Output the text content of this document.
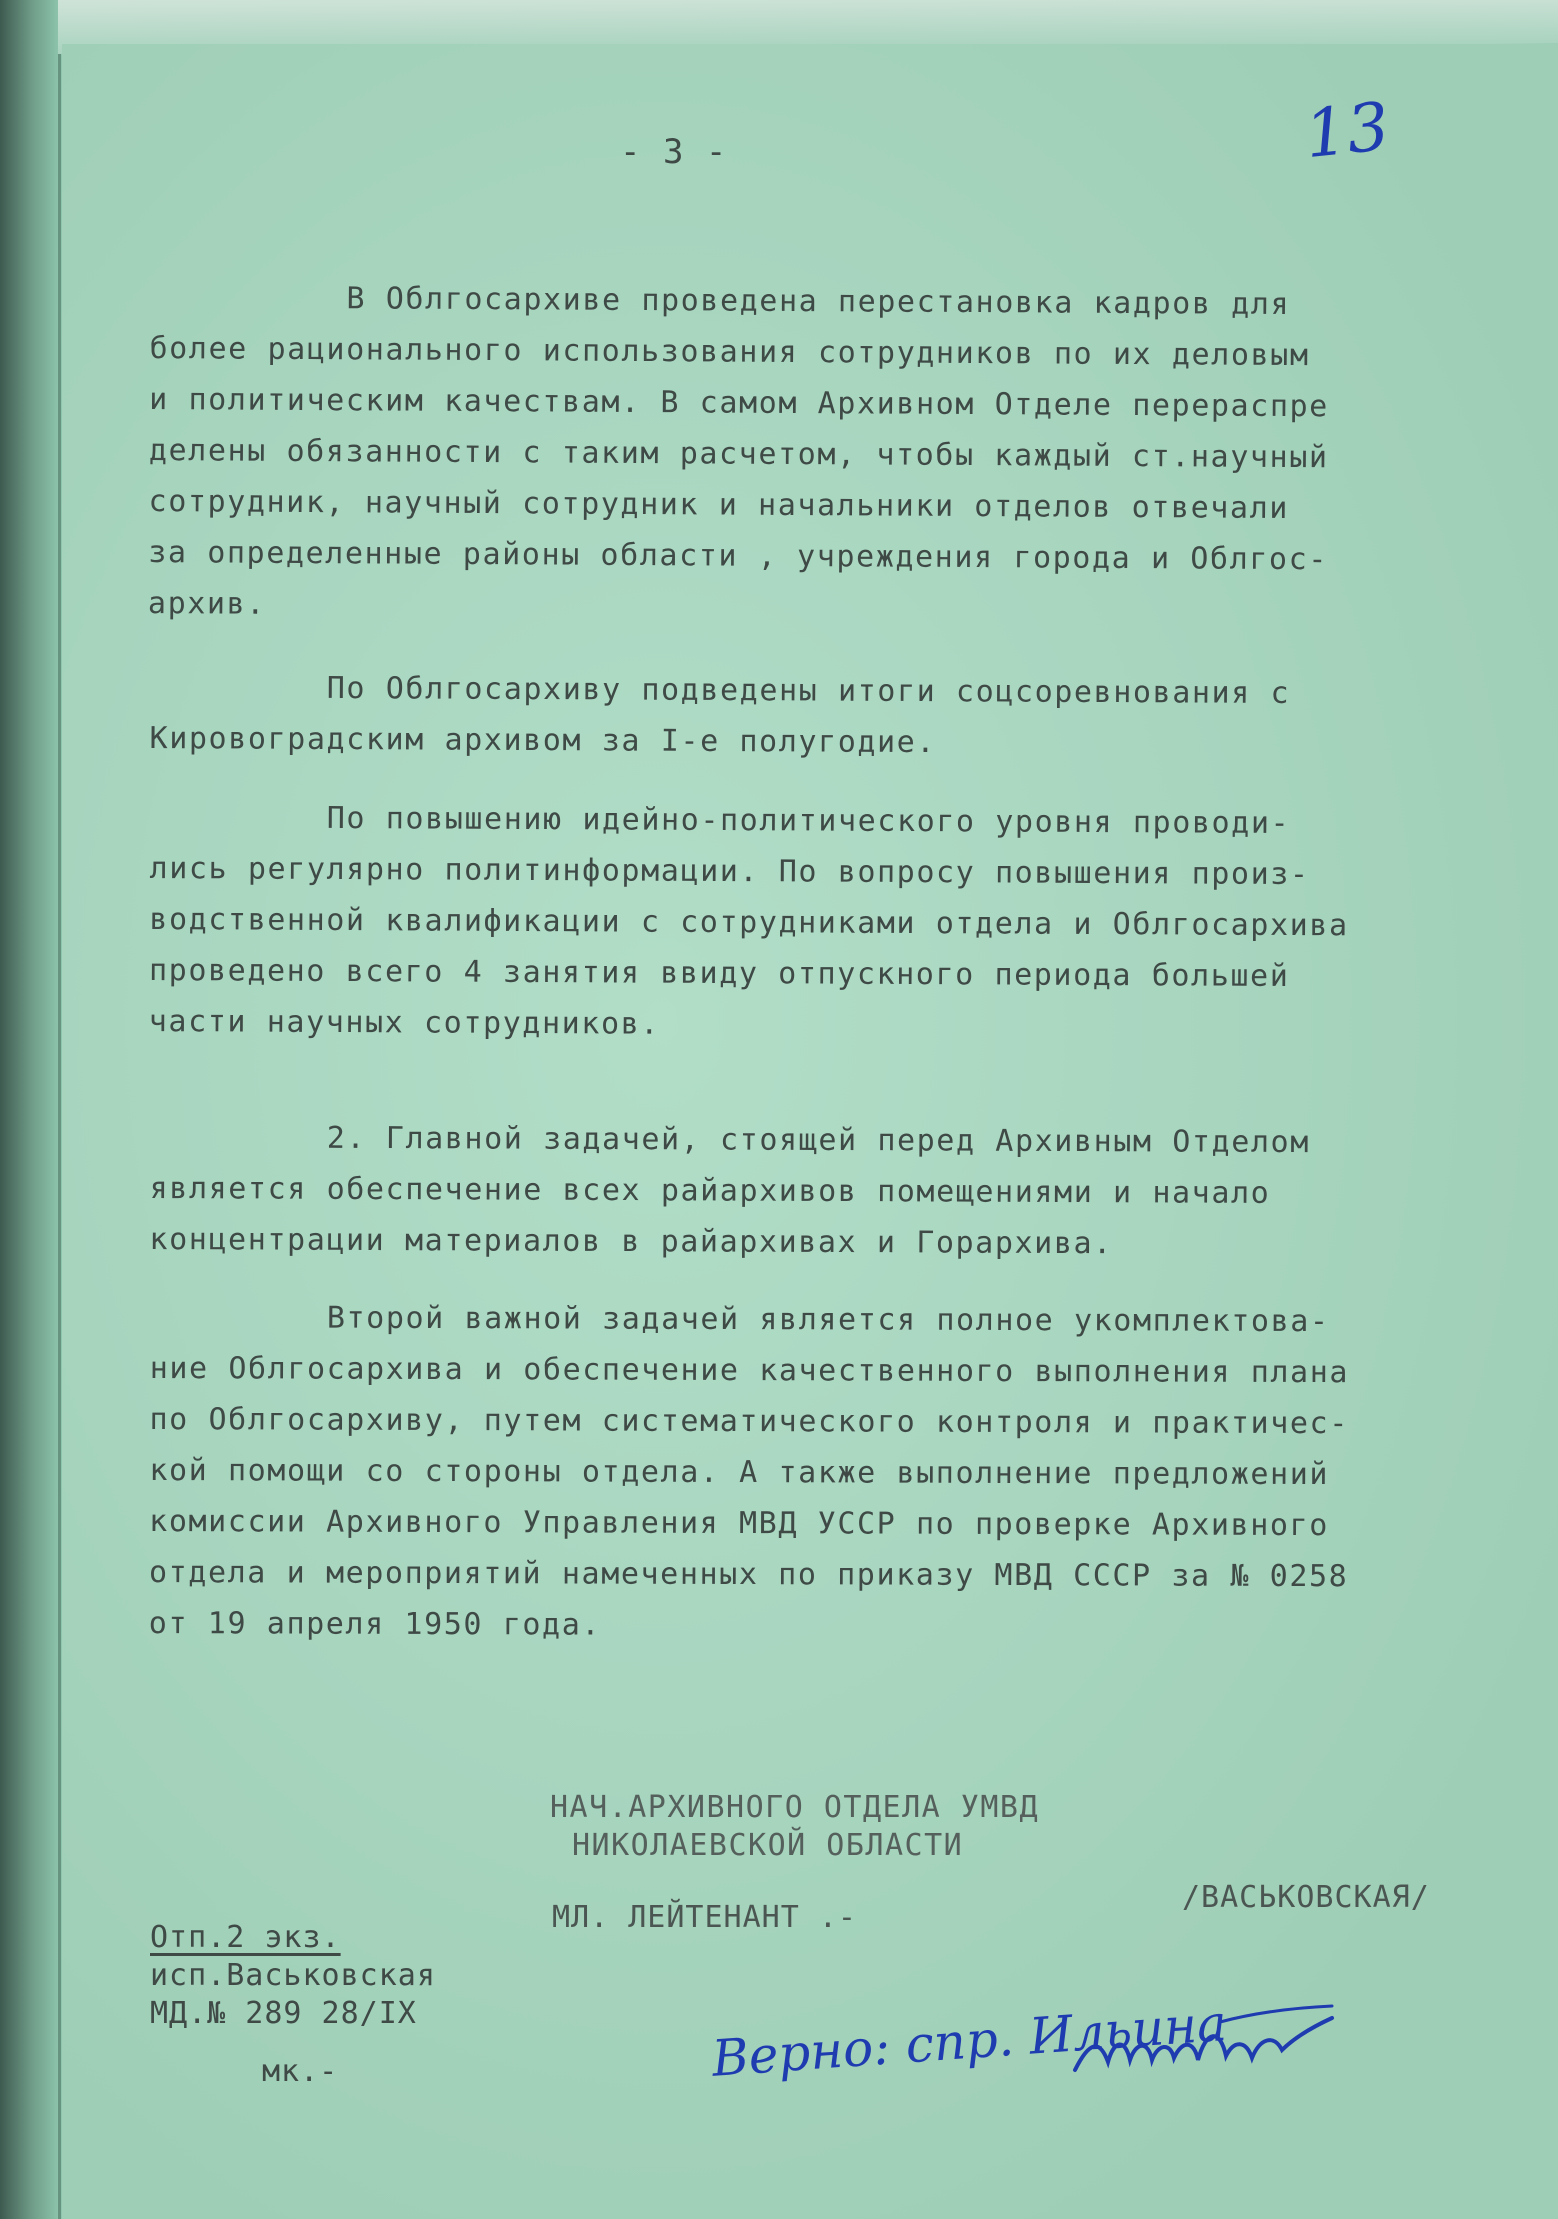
- 3 -	13
В Облгосархиве проведена перестановка кадров для
более рационального использования сотрудников по их деловым
и политическим качествам. В самом Архивном Отделе перераспре
делены обязанности с таким расчетом, чтобы каждый ст.научный
сотрудник, научный сотрудник и начальники отделов отвечали
за определенные районы области , учреждения города и Облгос-
архив.
По Облгосархиву подведены итоги соцсоревнования с
Кировоградским архивом за I-е полугодие.
По повышению идейно-политического уровня проводи-
лись регулярно политинформации. По вопросу повышения произ-
водственной квалификации с сотрудниками отдела и Облгосархива
проведено всего 4 занятия ввиду отпускного периода большей
части научных сотрудников.
2. Главной задачей, стоящей перед Архивным Отделом
является обеспечение всех райархивов помещениями и начало
концентрации материалов в райархивах и Горархива.
Второй важной задачей является полное укомплектова-
ние Облгосархива и обеспечение качественного выполнения плана
по Облгосархиву, путем систематического контроля и практичес-
кой помощи со стороны отдела. А также выполнение предложений
комиссии Архивного Управления МВД УССР по проверке Архивного
отдела и мероприятий намеченных по приказу МВД СССР за № 0258
от 19 апреля 1950 года.
НАЧ.АРХИВНОГО ОТДЕЛА УМВД
НИКОЛАЕВСКОЙ ОБЛАСТИ
МЛ. ЛЕЙТЕНАНТ .-
/ВАСЬКОВСКАЯ/
Отп.2 экз.
исп.Васьковская
МД.№ 289 28/IX
мк.-	Верно: спр. Ильина
